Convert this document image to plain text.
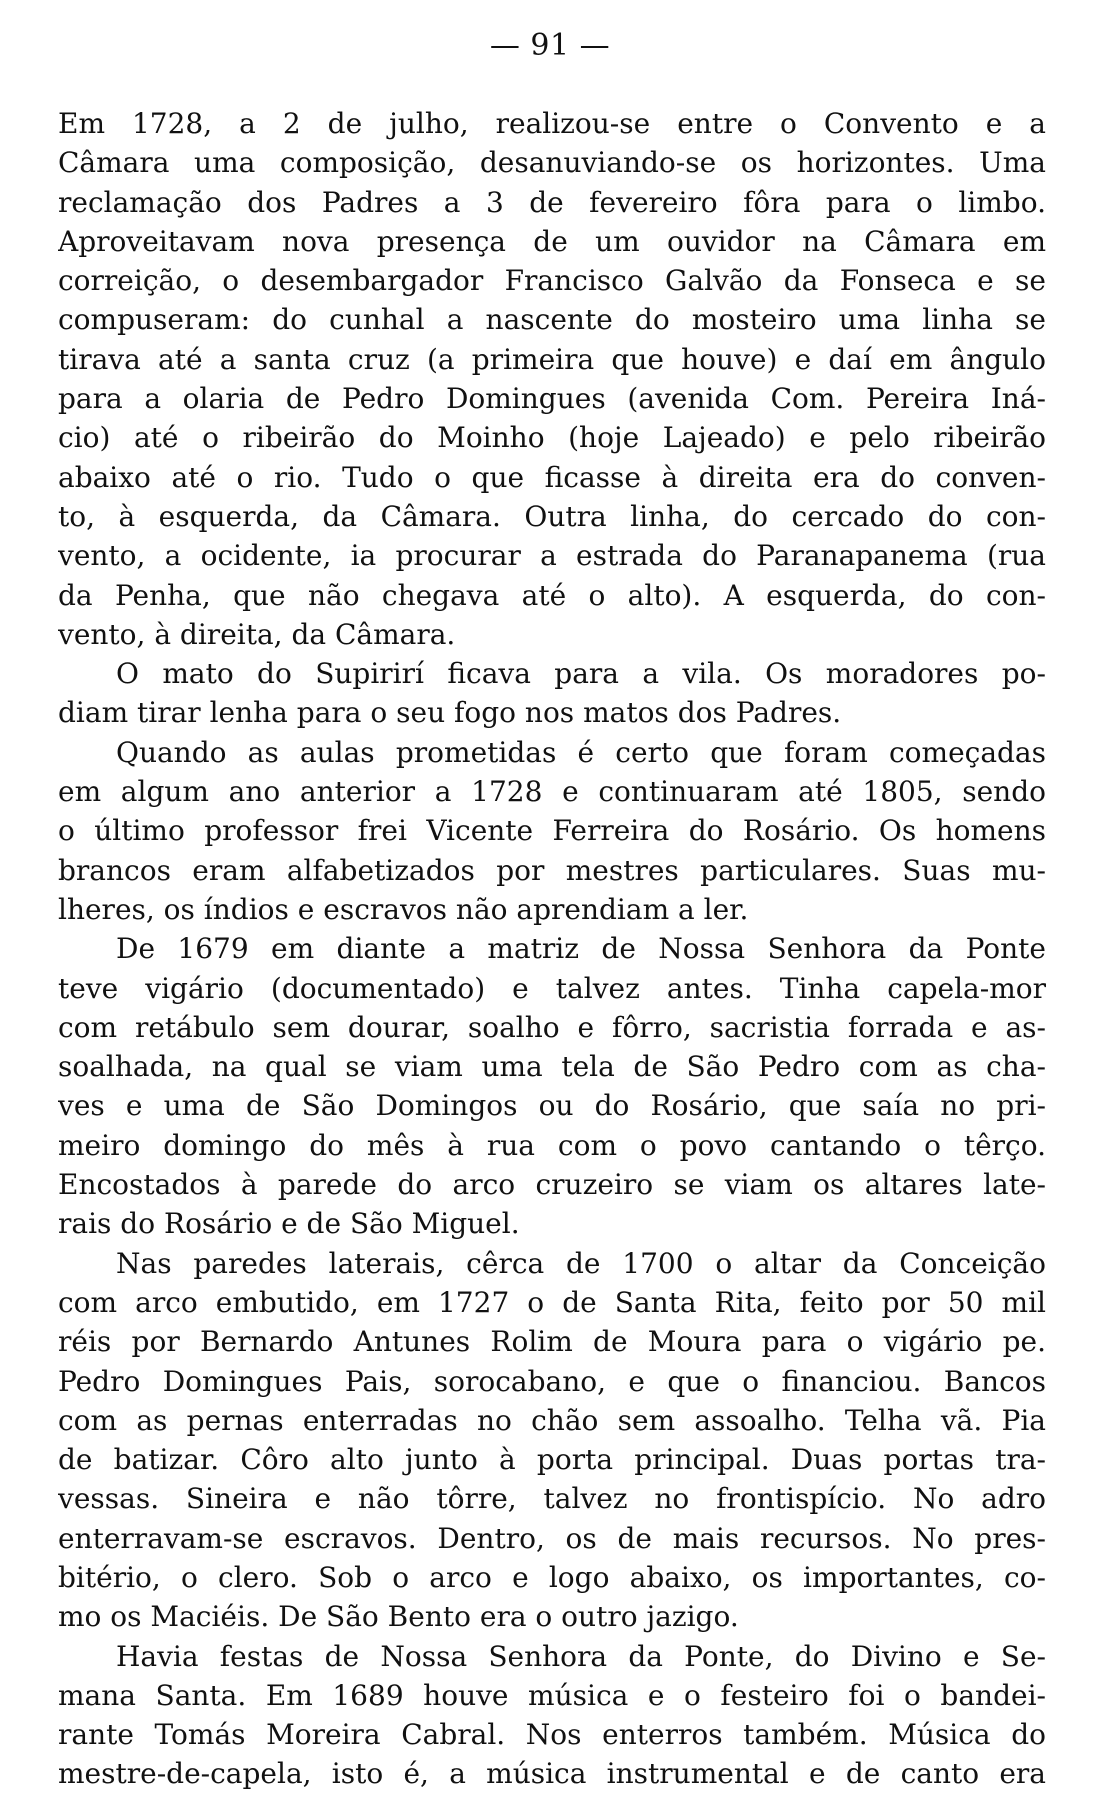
— 91 —
Em 1728, a 2 de julho, realizou-se entre o Convento e a
Câmara uma composição, desanuviando-se os horizontes. Uma
reclamação dos Padres a 3 de fevereiro fôra para o limbo.
Aproveitavam nova presença de um ouvidor na Câmara em
correição, o desembargador Francisco Galvão da Fonseca e se
compuseram: do cunhal a nascente do mosteiro uma linha se
tirava até a santa cruz (a primeira que houve) e daí em ângulo
para a olaria de Pedro Domingues (avenida Com. Pereira Iná-
cio) até o ribeirão do Moinho (hoje Lajeado) e pelo ribeirão
abaixo até o rio. Tudo o que ficasse à direita era do conven-
to, à esquerda, da Câmara. Outra linha, do cercado do con-
vento, a ocidente, ia procurar a estrada do Paranapanema (rua
da Penha, que não chegava até o alto). A esquerda, do con-
vento, à direita, da Câmara.
O mato do Supirirí ficava para a vila. Os moradores po-
diam tirar lenha para o seu fogo nos matos dos Padres.
Quando as aulas prometidas é certo que foram começadas
em algum ano anterior a 1728 e continuaram até 1805, sendo
o último professor frei Vicente Ferreira do Rosário. Os homens
brancos eram alfabetizados por mestres particulares. Suas mu-
lheres, os índios e escravos não aprendiam a ler.
De 1679 em diante a matriz de Nossa Senhora da Ponte
teve vigário (documentado) e talvez antes. Tinha capela-mor
com retábulo sem dourar, soalho e fôrro, sacristia forrada e as-
soalhada, na qual se viam uma tela de São Pedro com as cha-
ves e uma de São Domingos ou do Rosário, que saía no pri-
meiro domingo do mês à rua com o povo cantando o têrço.
Encostados à parede do arco cruzeiro se viam os altares late-
rais do Rosário e de São Miguel.
Nas paredes laterais, cêrca de 1700 o altar da Conceição
com arco embutido, em 1727 o de Santa Rita, feito por 50 mil
réis por Bernardo Antunes Rolim de Moura para o vigário pe.
Pedro Domingues Pais, sorocabano, e que o financiou. Bancos
com as pernas enterradas no chão sem assoalho. Telha vã. Pia
de batizar. Côro alto junto à porta principal. Duas portas tra-
vessas. Sineira e não tôrre, talvez no frontispício. No adro
enterravam-se escravos. Dentro, os de mais recursos. No pres-
bitério, o clero. Sob o arco e logo abaixo, os importantes, co-
mo os Maciéis. De São Bento era o outro jazigo.
Havia festas de Nossa Senhora da Ponte, do Divino e Se-
mana Santa. Em 1689 houve música e o festeiro foi o bandei-
rante Tomás Moreira Cabral. Nos enterros também. Música do
mestre-de-capela, isto é, a música instrumental e de canto era
